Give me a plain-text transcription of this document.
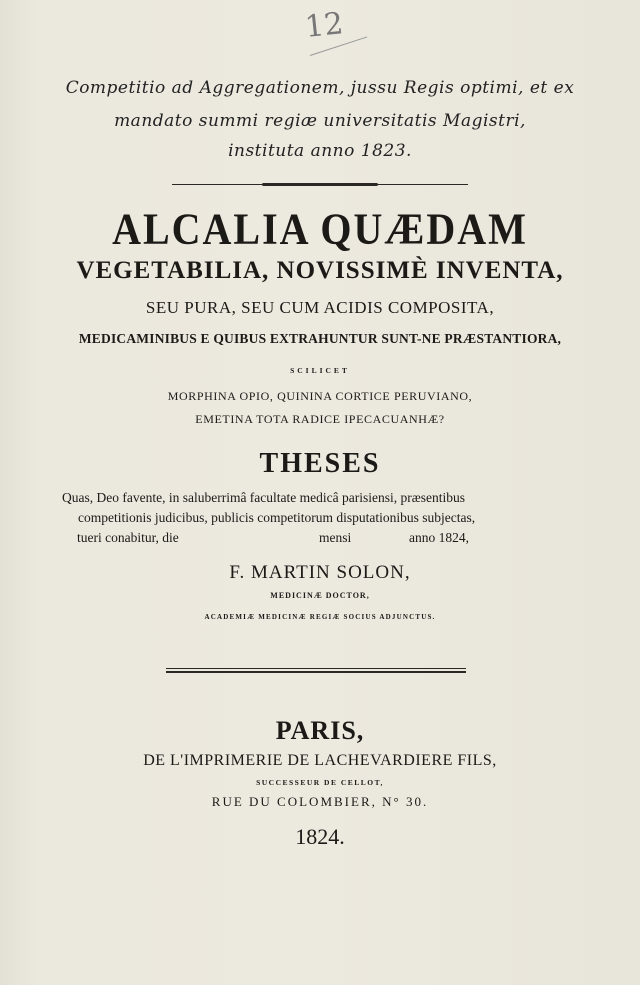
12
Competitio ad Aggregationem, jussu Regis optimi, et ex
mandato summi regiæ universitatis Magistri,
instituta anno 1823.
ALCALIA QUÆDAM
VEGETABILIA, NOVISSIMÈ INVENTA,
SEU PURA, SEU CUM ACIDIS COMPOSITA,
MEDICAMINIBUS E QUIBUS EXTRAHUNTUR SUNT-NE PRÆSTANTIORA,
SCILICET
MORPHINA OPIO, QUININA CORTICE PERUVIANO,
EMETINA TOTA RADICE IPECACUANHÆ?
THESES
Quas, Deo favente, in saluberrimâ facultate medicâ parisiensi, præsentibus
competitionis judicibus, publicis competitorum disputationibus subjectas,
tueri conabitur, die	mensi	anno 1824,
F. MARTIN SOLON,
MEDICINÆ DOCTOR,
ACADEMIÆ MEDICINÆ REGIÆ SOCIUS ADJUNCTUS.
PARIS,
DE L'IMPRIMERIE DE LACHEVARDIERE FILS,
SUCCESSEUR DE CELLOT,
RUE DU COLOMBIER, N° 30.
1824.
